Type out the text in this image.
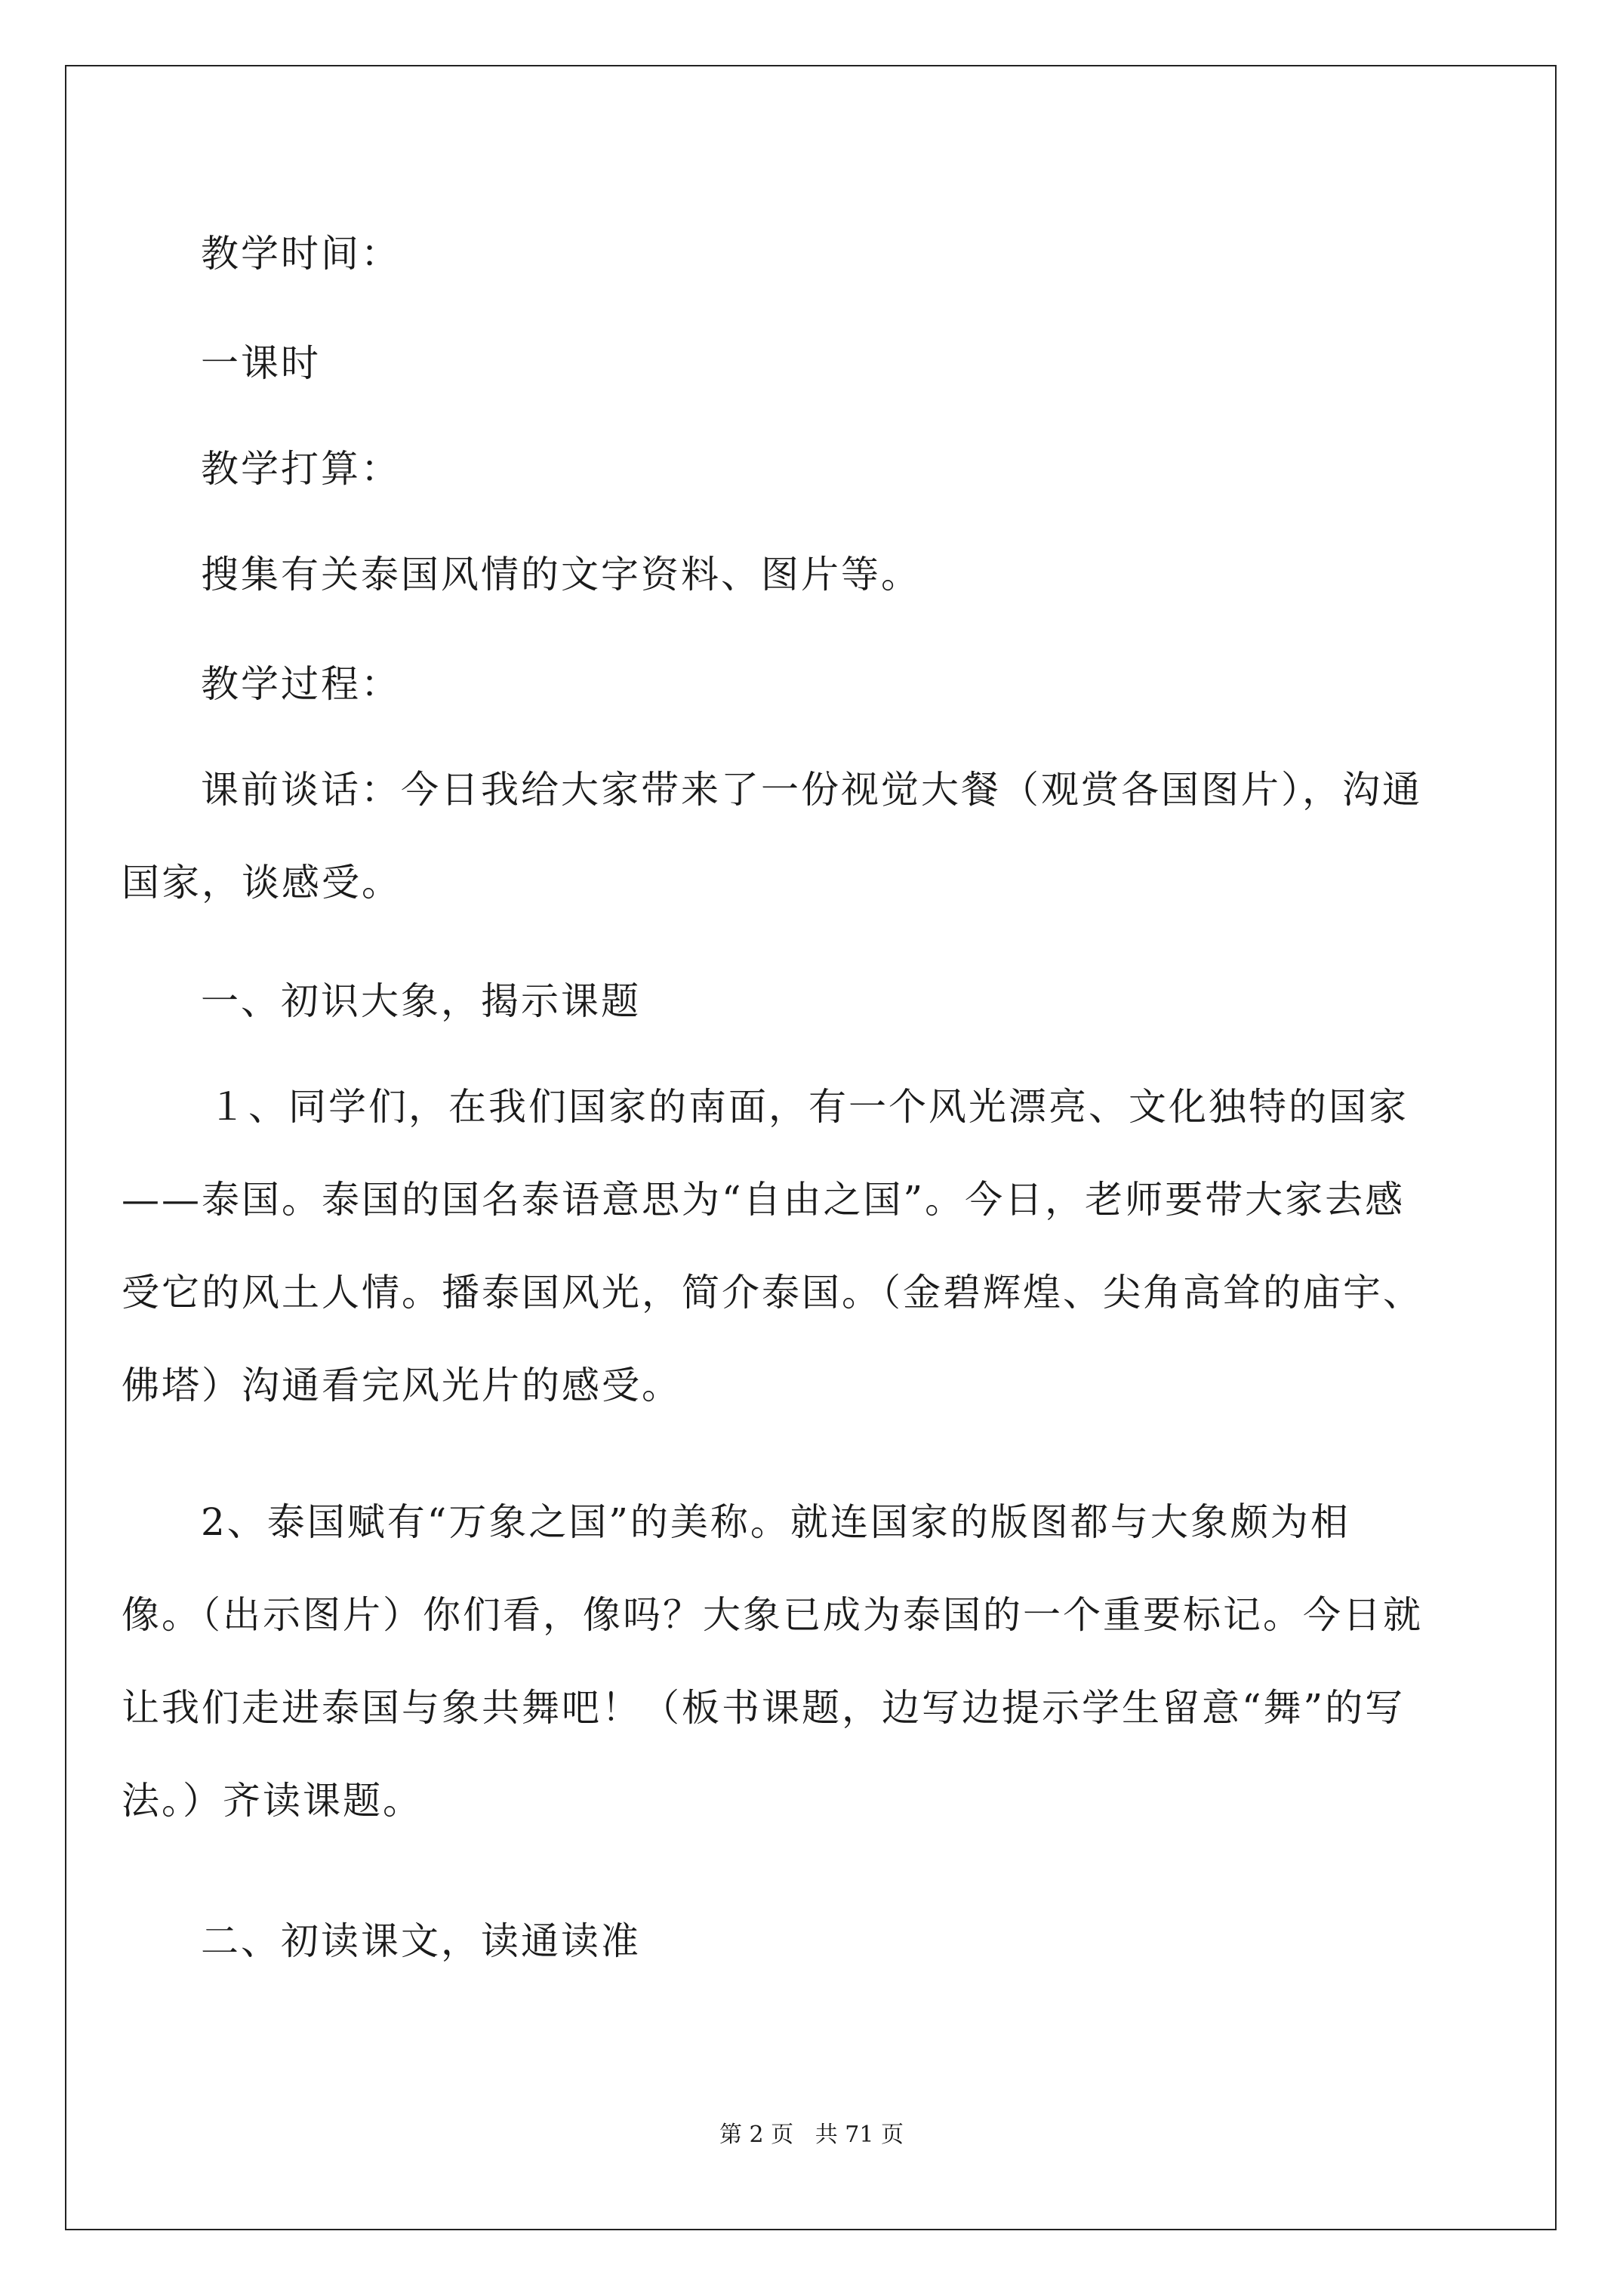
教学时间：

一课时

教学打算：

搜集有关泰国风情的文字资料、图片等。

教学过程：

课前谈话：今日我给大家带来了一份视觉大餐（观赏各国图片），沟通国家，谈感受。

一、初识大象，揭示课题

１、同学们，在我们国家的南面，有一个风光漂亮、文化独特的国家——泰国。泰国的国名泰语意思为“自由之国”。今日，老师要带大家去感受它的风土人情。播泰国风光，简介泰国。（金碧辉煌、尖角高耸的庙宇、佛塔）沟通看完风光片的感受。

2、泰国赋有“万象之国”的美称。就连国家的版图都与大象颇为相像。（出示图片）你们看，像吗？大象已成为泰国的一个重要标记。今日就让我们走进泰国与象共舞吧！（板书课题，边写边提示学生留意“舞”的写法。）齐读课题。

二、初读课文，读通读准

第 2 页 共 71 页
